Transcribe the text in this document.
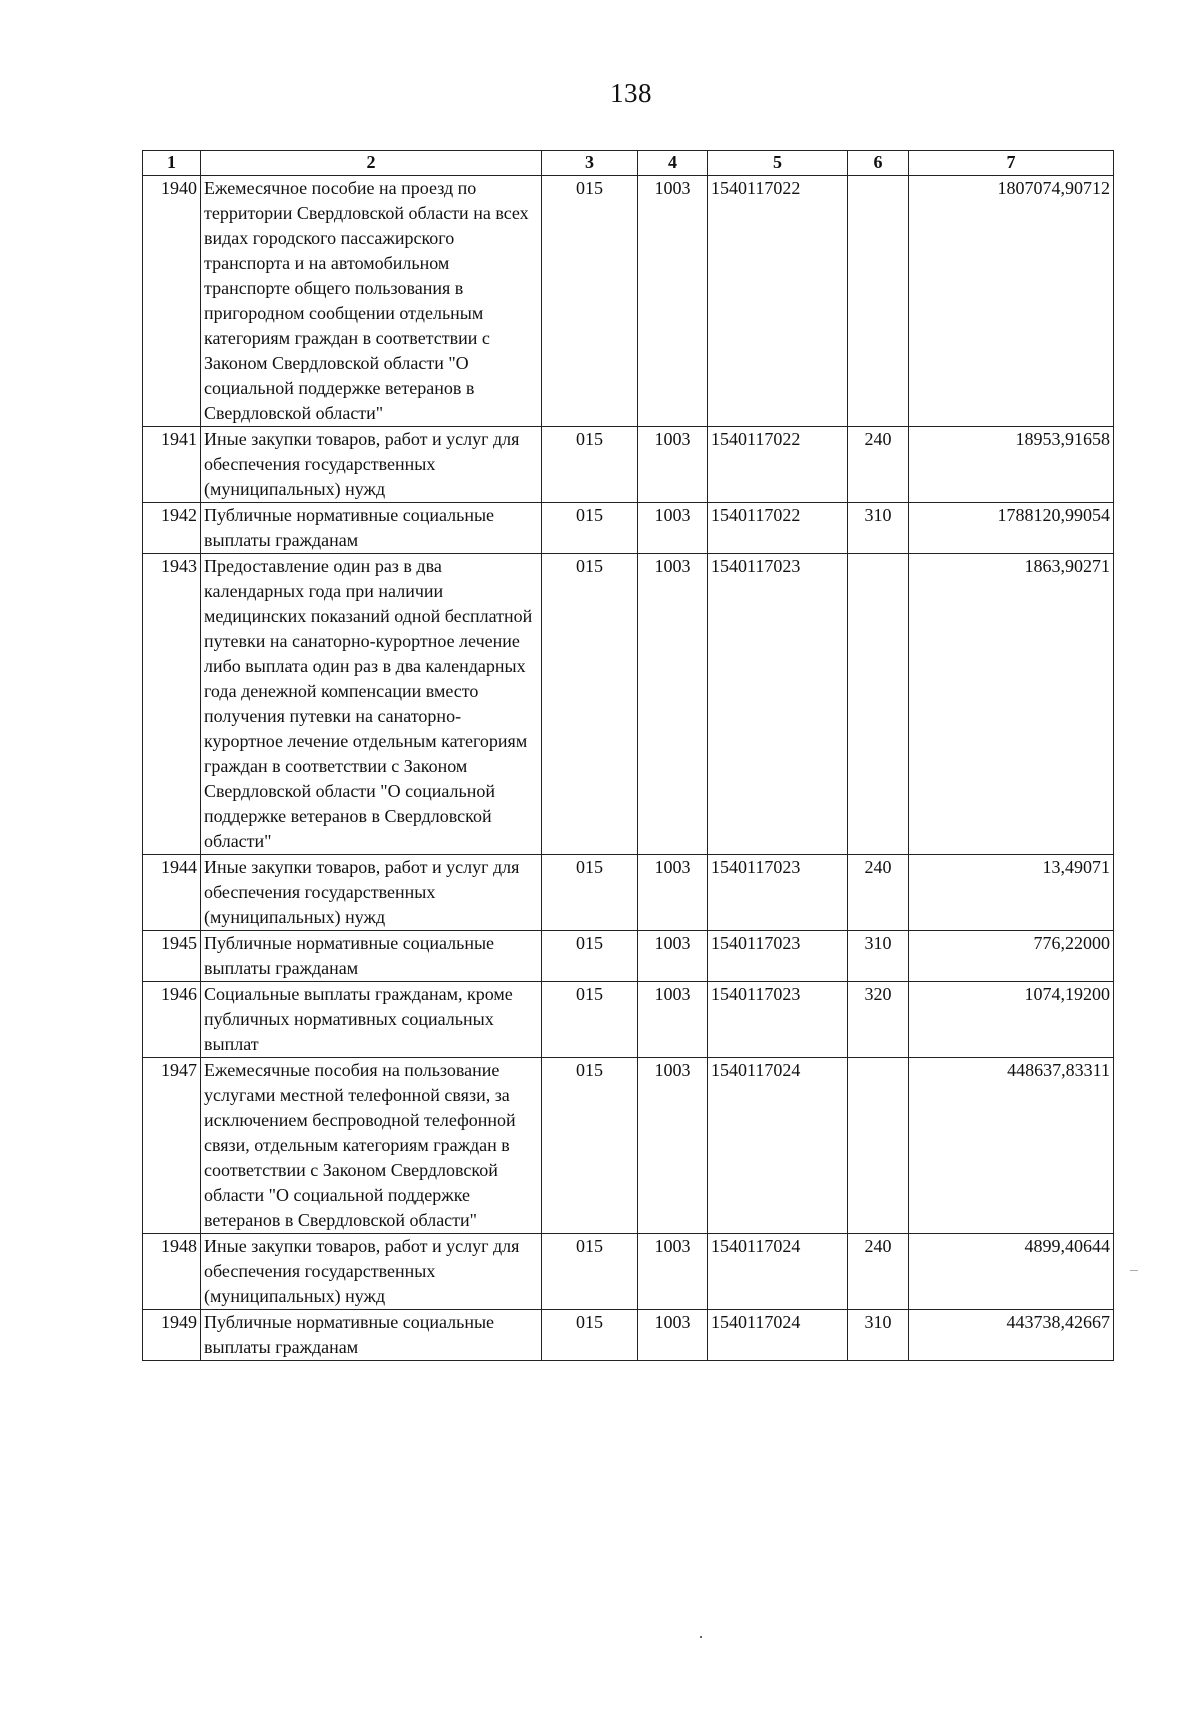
138
1	2	3	4	5	6	7
1940	Ежемесячное пособие на проезд по территории Свердловской области на всех видах городского пассажирского транспорта и на автомобильном транспорте общего пользования в пригородном сообщении отдельным категориям граждан в соответствии с Законом Свердловской области "О социальной поддержке ветеранов в Свердловской области"	015	1003	1540117022		1807074,90712
1941	Иные закупки товаров, работ и услуг для обеспечения государственных (муниципальных) нужд	015	1003	1540117022	240	18953,91658
1942	Публичные нормативные социальные выплаты гражданам	015	1003	1540117022	310	1788120,99054
1943	Предоставление один раз в два календарных года при наличии медицинских показаний одной бесплатной путевки на санаторно-курортное лечение либо выплата один раз в два календарных года денежной компенсации вместо получения путевки на санаторно-курортное лечение отдельным категориям граждан в соответствии с Законом Свердловской области "О социальной поддержке ветеранов в Свердловской области"	015	1003	1540117023		1863,90271
1944	Иные закупки товаров, работ и услуг для обеспечения государственных (муниципальных) нужд	015	1003	1540117023	240	13,49071
1945	Публичные нормативные социальные выплаты гражданам	015	1003	1540117023	310	776,22000
1946	Социальные выплаты гражданам, кроме публичных нормативных социальных выплат	015	1003	1540117023	320	1074,19200
1947	Ежемесячные пособия на пользование услугами местной телефонной связи, за исключением беспроводной телефонной связи, отдельным категориям граждан в соответствии с Законом Свердловской области "О социальной поддержке ветеранов в Свердловской области"	015	1003	1540117024		448637,83311
1948	Иные закупки товаров, работ и услуг для обеспечения государственных (муниципальных) нужд	015	1003	1540117024	240	4899,40644
1949	Публичные нормативные социальные выплаты гражданам	015	1003	1540117024	310	443738,42667
